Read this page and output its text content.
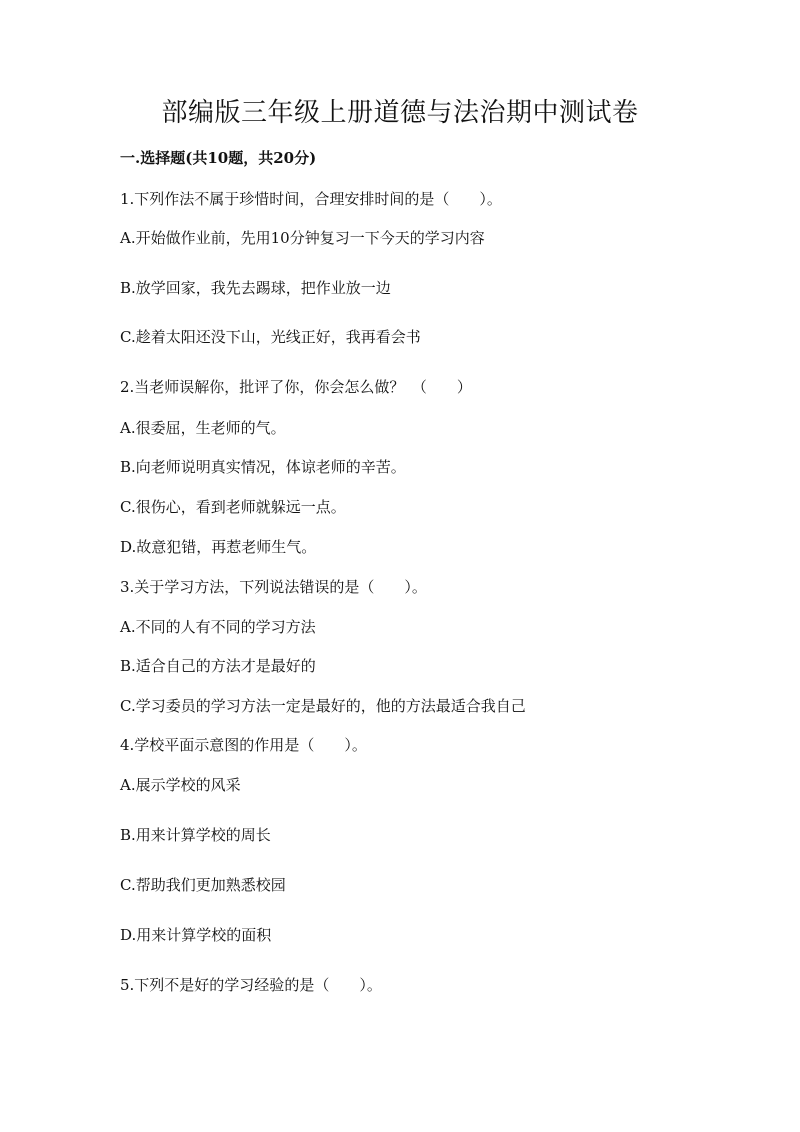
部编版三年级上册道德与法治期中测试卷

一.选择题(共10题，共20分)

1.下列作法不属于珍惜时间，合理安排时间的是（　　）。

A.开始做作业前，先用10分钟复习一下今天的学习内容

B.放学回家，我先去踢球，把作业放一边

C.趁着太阳还没下山，光线正好，我再看会书

2.当老师误解你，批评了你，你会怎么做？　（　　）

A.很委屈，生老师的气。

B.向老师说明真实情况，体谅老师的辛苦。

C.很伤心，看到老师就躲远一点。

D.故意犯错，再惹老师生气。

3.关于学习方法，下列说法错误的是（　　）。

A.不同的人有不同的学习方法

B.适合自己的方法才是最好的

C.学习委员的学习方法一定是最好的，他的方法最适合我自己

4.学校平面示意图的作用是（　　）。

A.展示学校的风采

B.用来计算学校的周长

C.帮助我们更加熟悉校园

D.用来计算学校的面积

5.下列不是好的学习经验的是（　　）。
